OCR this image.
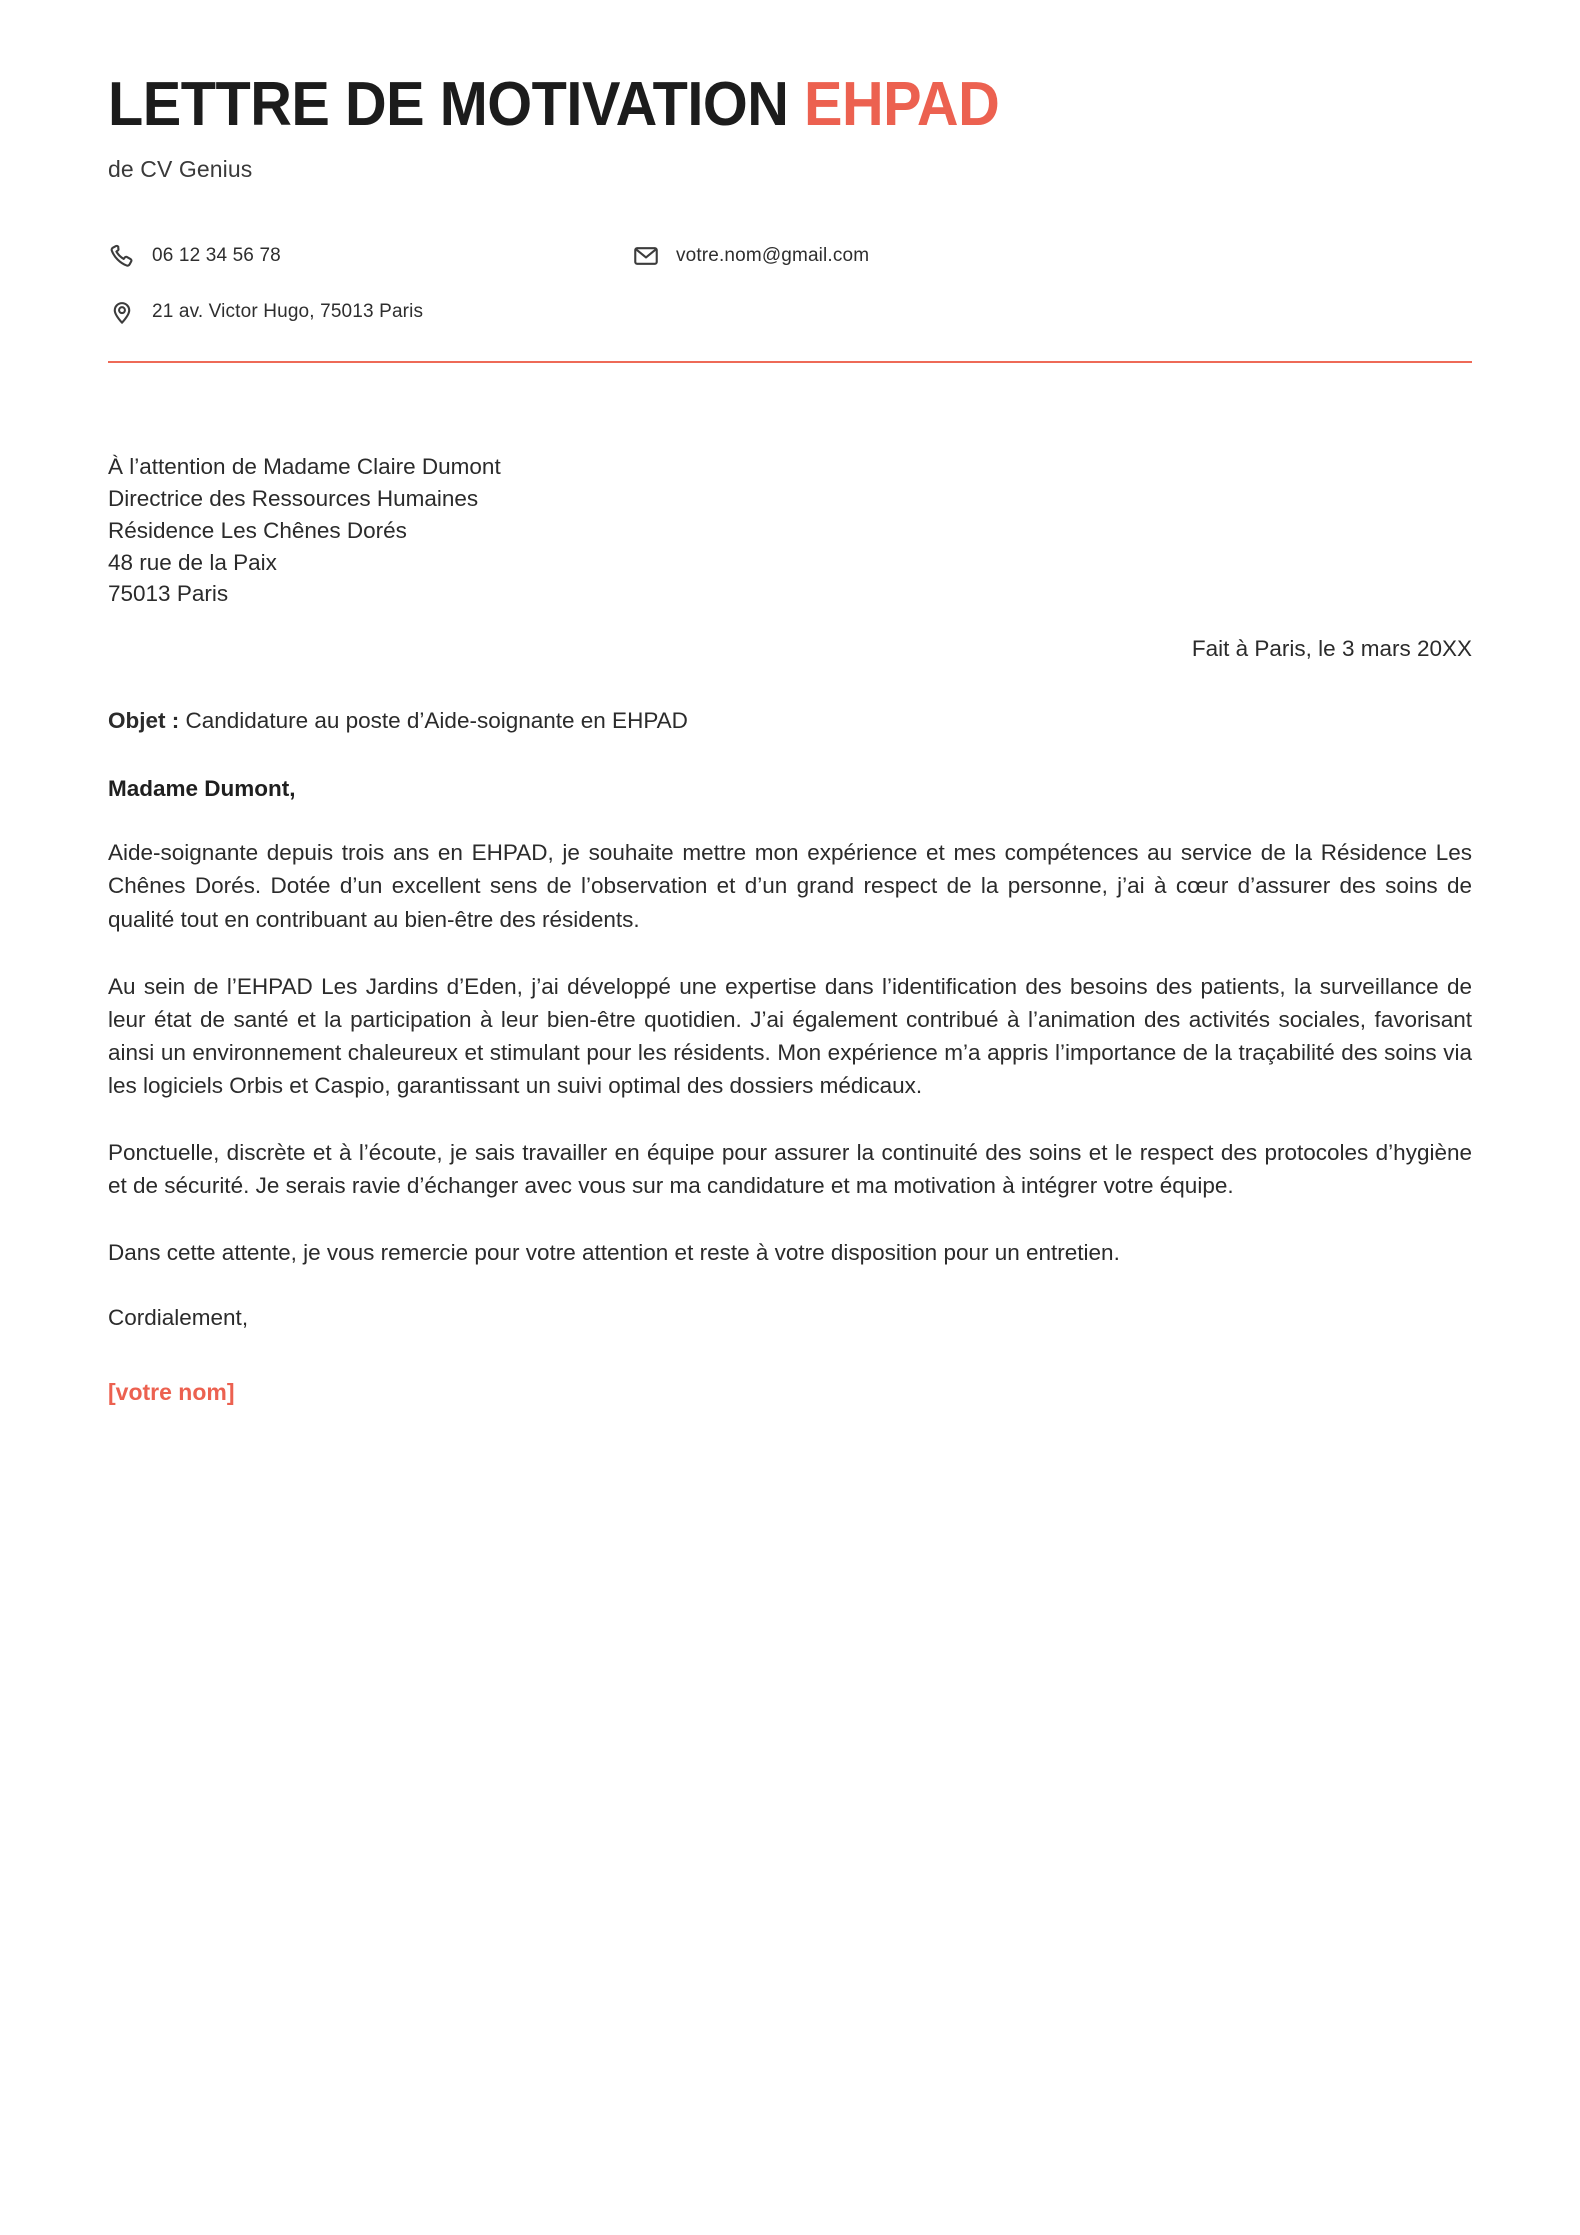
LETTRE DE MOTIVATION EHPAD
de CV Genius
06 12 34 56 78	votre.nom@gmail.com
21 av. Victor Hugo, 75013 Paris
À l’attention de Madame Claire Dumont
Directrice des Ressources Humaines
Résidence Les Chênes Dorés
48 rue de la Paix
75013 Paris
Fait à Paris, le 3 mars 20XX
Objet : Candidature au poste d’Aide-soignante en EHPAD
Madame Dumont,

Aide-soignante depuis trois ans en EHPAD, je souhaite mettre mon expérience et mes compétences au service de la Résidence Les Chênes Dorés. Dotée d’un excellent sens de l’observation et d’un grand respect de la personne, j’ai à cœur d’assurer des soins de qualité tout en contribuant au bien-être des résidents.

Au sein de l’EHPAD Les Jardins d’Eden, j’ai développé une expertise dans l’identification des besoins des patients, la surveillance de leur état de santé et la participation à leur bien-être quotidien. J’ai également contribué à l’animation des activités sociales, favorisant ainsi un environnement chaleureux et stimulant pour les résidents. Mon expérience m’a appris l’importance de la traçabilité des soins via les logiciels Orbis et Caspio, garantissant un suivi optimal des dossiers médicaux.

Ponctuelle, discrète et à l’écoute, je sais travailler en équipe pour assurer la continuité des soins et le respect des protocoles d’hygiène et de sécurité. Je serais ravie d’échanger avec vous sur ma candidature et ma motivation à intégrer votre équipe.

Dans cette attente, je vous remercie pour votre attention et reste à votre disposition pour un entretien.

Cordialement,
[votre nom]
